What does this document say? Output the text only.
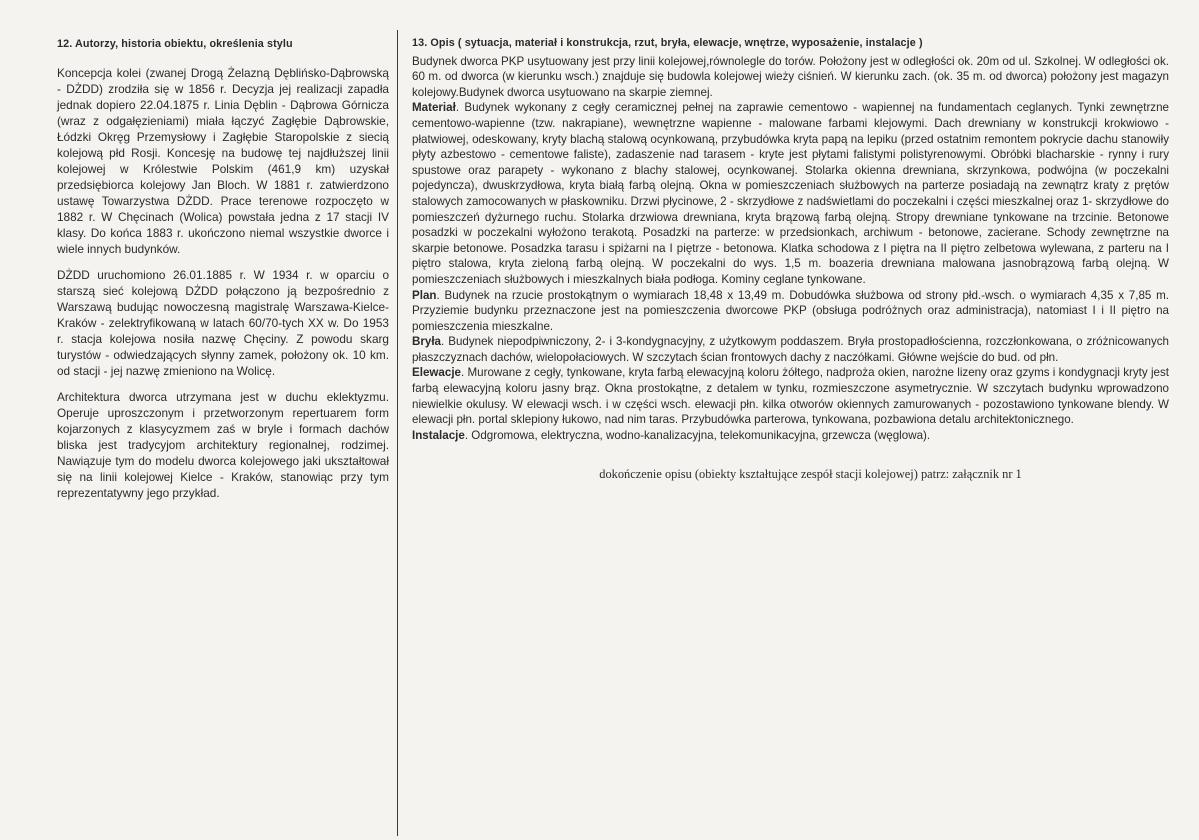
12. Autorzy, historia obiektu, określenia stylu

Koncepcja kolei (zwanej Drogą Żelazną Dęblińsko-Dąbrowską - DŻDD) zrodziła się w 1856 r. Decyzja jej realizacji zapadła jednak dopiero 22.04.1875 r. Linia Dęblin - Dąbrowa Górnicza (wraz z odgałęzieniami) miała łączyć Zagłębie Dąbrowskie, Łódzki Okręg Przemysłowy i Zagłębie Staropolskie z siecią kolejową płd Rosji. Koncesję na budowę tej najdłuższej linii kolejowej w Królestwie Polskim (461,9 km) uzyskał przedsiębiorca kolejowy Jan Bloch. W 1881 r. zatwierdzono ustawę Towarzystwa DŻDD. Prace terenowe rozpoczęto w 1882 r. W Chęcinach (Wolica) powstała jedna z 17 stacji IV klasy. Do końca 1883 r. ukończono niemal wszystkie dworce i wiele innych budynków.

DŻDD uruchomiono 26.01.1885 r. W 1934 r. w oparciu o starszą sieć kolejową DŻDD połączono ją bezpośrednio z Warszawą budując nowoczesną magistralę Warszawa-Kielce-Kraków - zelektryfikowaną w latach 60/70-tych XX w. Do 1953 r. stacja kolejowa nosiła nazwę Chęciny. Z powodu skarg turystów - odwiedzających słynny zamek, położony ok. 10 km. od stacji - jej nazwę zmieniono na Wolicę.

Architektura dworca utrzymana jest w duchu eklektyzmu. Operuje uproszczonym i przetworzonym repertuarem form kojarzonych z klasycyzmem zaś w bryle i formach dachów bliska jest tradycyjom architektury regionalnej, rodzimej. Nawiązuje tym do modelu dworca kolejowego jaki ukształtował się na linii kolejowej Kielce - Kraków, stanowiąc przy tym reprezentatywny jego przykład.

13. Opis ( sytuacja, materiał i konstrukcja, rzut, bryła, elewacje, wnętrze, wyposażenie, instalacje )

Budynek dworca PKP usytuowany jest przy linii kolejowej,równolegle do torów. Położony jest w odległości ok. 20m od ul. Szkolnej. W odległości ok. 60 m. od dworca (w kierunku wsch.) znajduje się budowla kolejowej wieży ciśnień. W kierunku zach. (ok. 35 m. od dworca) położony jest magazyn kolejowy.Budynek dworca usytuowano na skarpie ziemnej.

Materiał. Budynek wykonany z cegły ceramicznej pełnej na zaprawie cementowo - wapiennej na fundamentach ceglanych. Tynki zewnętrzne cementowo-wapienne (tzw. nakrapiane), wewnętrzne wapienne - malowane farbami klejowymi. Dach drewniany w konstrukcji krokwiowo - płatwiowej, odeskowany, kryty blachą stalową ocynkowaną, przybudówka kryta papą na lepiku (przed ostatnim remontem pokrycie dachu stanowiły płyty azbestowo - cementowe faliste), zadaszenie nad tarasem - kryte jest płytami falistymi polistyrenowymi. Obróbki blacharskie - rynny i rury spustowe oraz parapety - wykonano z blachy stalowej, ocynkowanej. Stolarka okienna drewniana, skrzynkowa, podwójna (w poczekalni pojedyncza), dwuskrzydłowa, kryta białą farbą olejną. Okna w pomieszczeniach służbowych na parterze posiadają na zewnątrz kraty z prętów stalowych zamocowanych w płaskowniku. Drzwi płycinowe, 2 - skrzydłowe z nadświetlami do poczekalni i części mieszkalnej oraz 1- skrzydłowe do pomieszczeń dyżurnego ruchu. Stolarka drzwiowa drewniana, kryta brązową farbą olejną. Stropy drewniane tynkowane na trzcinie. Betonowe posadzki w poczekalni wyłożono terakotą. Posadzki na parterze: w przedsionkach, archiwum - betonowe, zacierane. Schody zewnętrzne na skarpie betonowe. Posadzka tarasu i spiżarni na I piętrze - betonowa. Klatka schodowa z I piętra na II piętro zelbetowa wylewana, z parteru na I piętro stalowa, kryta zieloną farbą olejną. W poczekalni do wys. 1,5 m. boazeria drewniana malowana jasnobrązową farbą olejną. W pomieszczeniach służbowych i mieszkalnych biała podłoga. Kominy ceglane tynkowane.

Plan. Budynek na rzucie prostokątnym o wymiarach 18,48 x 13,49 m. Dobudówka służbowa od strony płd.-wsch. o wymiarach 4,35 x 7,85 m. Przyziemie budynku przeznaczone jest na pomieszczenia dworcowe PKP (obsługa podróżnych oraz administracja), natomiast I i II piętro na pomieszczenia mieszkalne.

Bryła. Budynek niepodpiwniczony, 2- i 3-kondygnacyjny, z użytkowym poddaszem. Bryła prostopadłościenna, rozczłonkowana, o zróżnicowanych płaszczyznach dachów, wielopołaciowych. W szczytach ścian frontowych dachy z naczółkami. Główne wejście do bud. od płn.

Elewacje. Murowane z cegły, tynkowane, kryta farbą elewacyjną koloru żółtego, nadproża okien, narożne lizeny oraz gzyms i kondygnacji kryty jest farbą elewacyjną koloru jasny brąz. Okna prostokątne, z detalem w tynku, rozmieszczone asymetrycznie. W szczytach budynku wprowadzono niewielkie okulusy. W elewacji wsch. i w części wsch. elewacji płn. kilka otworów okiennych zamurowanych - pozostawiono tynkowane blendy. W elewacji płn. portal sklepiony łukowo, nad nim taras. Przybudówka parterowa, tynkowana, pozbawiona detalu architektonicznego.

Instalacje. Odgromowa, elektryczna, wodno-kanalizacyjna, telekomunikacyjna, grzewcza (węglowa).

dokończenie opisu (obiekty kształtujące zespół stacji kolejowej) patrz: załącznik nr 1
